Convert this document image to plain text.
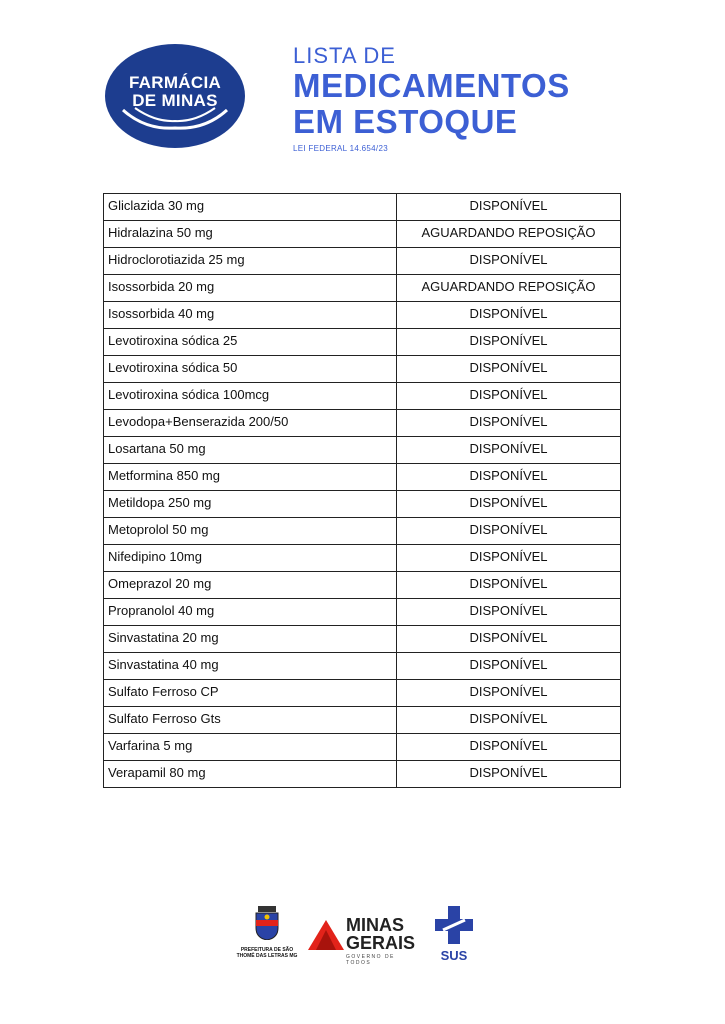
FARMÁCIA
DE MINAS
LISTA DE
MEDICAMENTOS
EM ESTOQUE
LEI FEDERAL 14.654/23
Gliclazida 30 mg	DISPONÍVEL
Hidralazina 50 mg	AGUARDANDO REPOSIÇÃO
Hidroclorotiazida 25 mg	DISPONÍVEL
Isossorbida 20 mg	AGUARDANDO REPOSIÇÃO
Isossorbida 40 mg	DISPONÍVEL
Levotiroxina sódica 25	DISPONÍVEL
Levotiroxina sódica 50	DISPONÍVEL
Levotiroxina sódica 100mcg	DISPONÍVEL
Levodopa+Benserazida 200/50	DISPONÍVEL
Losartana 50 mg	DISPONÍVEL
Metformina 850 mg	DISPONÍVEL
Metildopa 250 mg	DISPONÍVEL
Metoprolol 50 mg	DISPONÍVEL
Nifedipino 10mg	DISPONÍVEL
Omeprazol 20 mg	DISPONÍVEL
Propranolol 40 mg	DISPONÍVEL
Sinvastatina 20 mg	DISPONÍVEL
Sinvastatina 40 mg	DISPONÍVEL
Sulfato Ferroso CP	DISPONÍVEL
Sulfato Ferroso Gts	DISPONÍVEL
Varfarina 5 mg	DISPONÍVEL
Verapamil 80 mg	DISPONÍVEL
PREFEITURA DE SÃO THOMÉ DAS LETRAS MG
MINAS
GERAIS
GOVERNO DE TODOS	SUS
